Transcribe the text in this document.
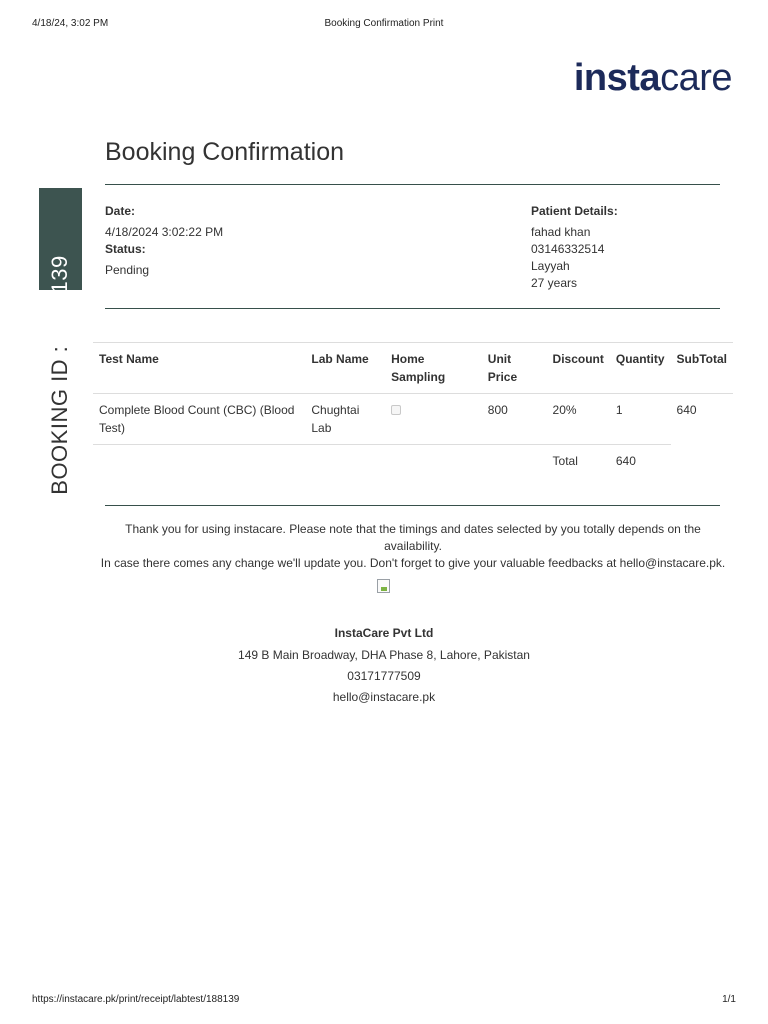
4/18/24, 3:02 PM	Booking Confirmation Print
instacare
Booking Confirmation
BOOKING ID :188139
Date:
4/18/2024 3:02:22 PM
Status:
Pending
Patient Details:
fahad khan
03146332514
Layyah
27 years
Test Name	Lab Name	Home Sampling	Unit Price	Discount	Quantity	SubTotal
Complete Blood Count (CBC) (Blood Test)	Chughtai Lab		800	20%	1	640
				Total	640	
Thank you for using instacare. Please note that the timings and dates selected by you totally depends on the availability.
In case there comes any change we'll update you. Don't forget to give your valuable feedbacks at hello@instacare.pk.
InstaCare Pvt Ltd
149 B Main Broadway, DHA Phase 8, Lahore, Pakistan
03171777509
hello@instacare.pk
https://instacare.pk/print/receipt/labtest/188139	1/1
